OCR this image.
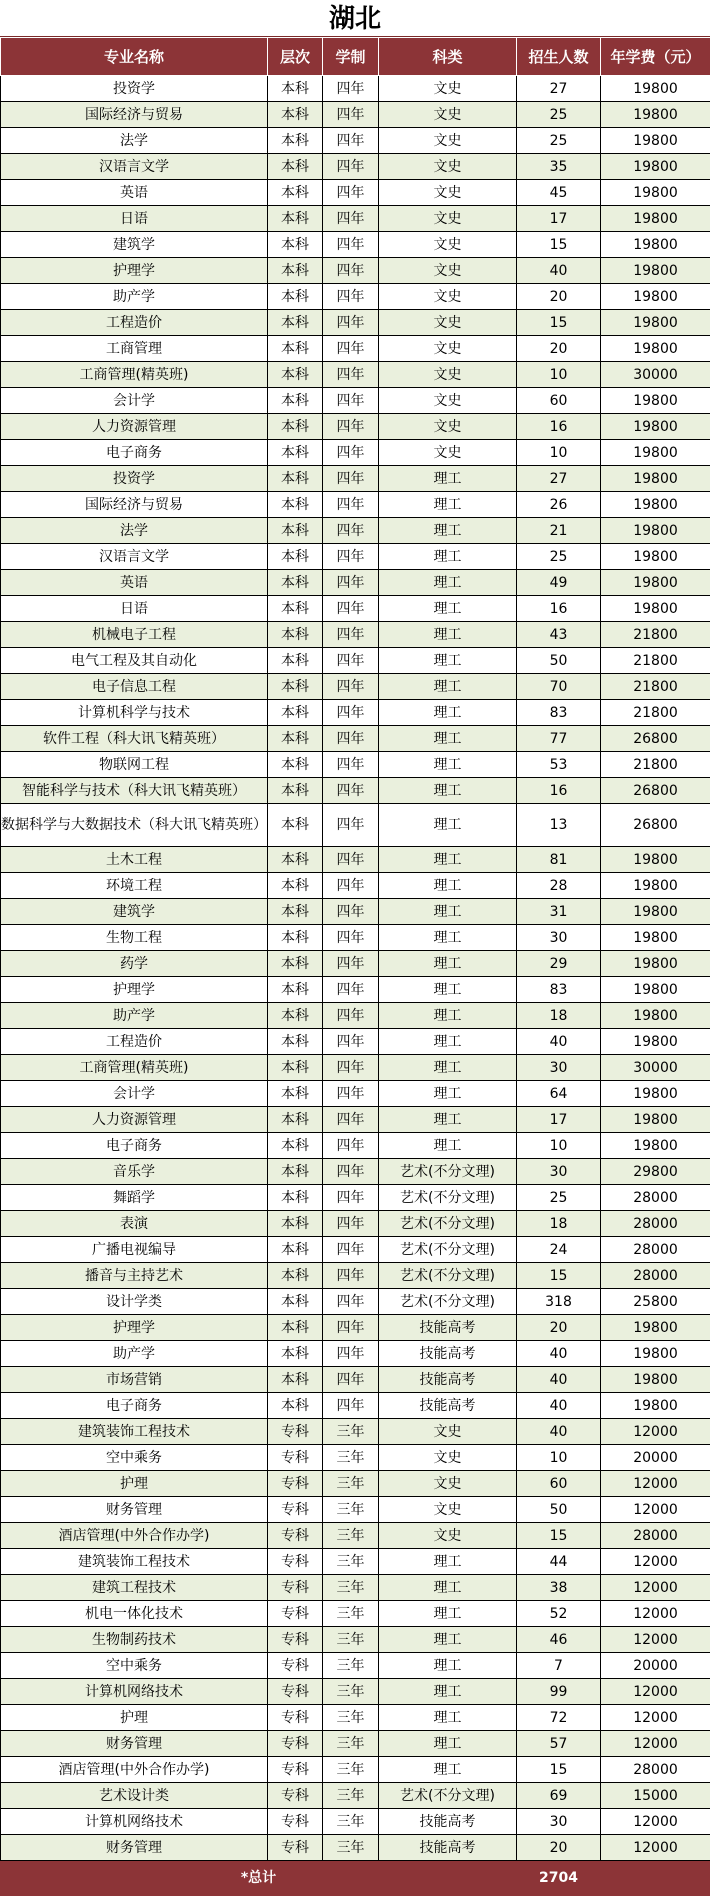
湖北
专业名称	层次	学制	科类	招生人数	年学费（元）
投资学	本科	四年	文史	27	19800
国际经济与贸易	本科	四年	文史	25	19800
法学	本科	四年	文史	25	19800
汉语言文学	本科	四年	文史	35	19800
英语	本科	四年	文史	45	19800
日语	本科	四年	文史	17	19800
建筑学	本科	四年	文史	15	19800
护理学	本科	四年	文史	40	19800
助产学	本科	四年	文史	20	19800
工程造价	本科	四年	文史	15	19800
工商管理	本科	四年	文史	20	19800
工商管理(精英班)	本科	四年	文史	10	30000
会计学	本科	四年	文史	60	19800
人力资源管理	本科	四年	文史	16	19800
电子商务	本科	四年	文史	10	19800
投资学	本科	四年	理工	27	19800
国际经济与贸易	本科	四年	理工	26	19800
法学	本科	四年	理工	21	19800
汉语言文学	本科	四年	理工	25	19800
英语	本科	四年	理工	49	19800
日语	本科	四年	理工	16	19800
机械电子工程	本科	四年	理工	43	21800
电气工程及其自动化	本科	四年	理工	50	21800
电子信息工程	本科	四年	理工	70	21800
计算机科学与技术	本科	四年	理工	83	21800
软件工程（科大讯飞精英班）	本科	四年	理工	77	26800
物联网工程	本科	四年	理工	53	21800
智能科学与技术（科大讯飞精英班）	本科	四年	理工	16	26800
数据科学与大数据技术（科大讯飞精英班）	本科	四年	理工	13	26800
土木工程	本科	四年	理工	81	19800
环境工程	本科	四年	理工	28	19800
建筑学	本科	四年	理工	31	19800
生物工程	本科	四年	理工	30	19800
药学	本科	四年	理工	29	19800
护理学	本科	四年	理工	83	19800
助产学	本科	四年	理工	18	19800
工程造价	本科	四年	理工	40	19800
工商管理(精英班)	本科	四年	理工	30	30000
会计学	本科	四年	理工	64	19800
人力资源管理	本科	四年	理工	17	19800
电子商务	本科	四年	理工	10	19800
音乐学	本科	四年	艺术(不分文理)	30	29800
舞蹈学	本科	四年	艺术(不分文理)	25	28000
表演	本科	四年	艺术(不分文理)	18	28000
广播电视编导	本科	四年	艺术(不分文理)	24	28000
播音与主持艺术	本科	四年	艺术(不分文理)	15	28000
设计学类	本科	四年	艺术(不分文理)	318	25800
护理学	本科	四年	技能高考	20	19800
助产学	本科	四年	技能高考	40	19800
市场营销	本科	四年	技能高考	40	19800
电子商务	本科	四年	技能高考	40	19800
建筑装饰工程技术	专科	三年	文史	40	12000
空中乘务	专科	三年	文史	10	20000
护理	专科	三年	文史	60	12000
财务管理	专科	三年	文史	50	12000
酒店管理(中外合作办学)	专科	三年	文史	15	28000
建筑装饰工程技术	专科	三年	理工	44	12000
建筑工程技术	专科	三年	理工	38	12000
机电一体化技术	专科	三年	理工	52	12000
生物制药技术	专科	三年	理工	46	12000
空中乘务	专科	三年	理工	7	20000
计算机网络技术	专科	三年	理工	99	12000
护理	专科	三年	理工	72	12000
财务管理	专科	三年	理工	57	12000
酒店管理(中外合作办学)	专科	三年	理工	15	28000
艺术设计类	专科	三年	艺术(不分文理)	69	15000
计算机网络技术	专科	三年	技能高考	30	12000
财务管理	专科	三年	技能高考	20	12000
*总计				2704	
